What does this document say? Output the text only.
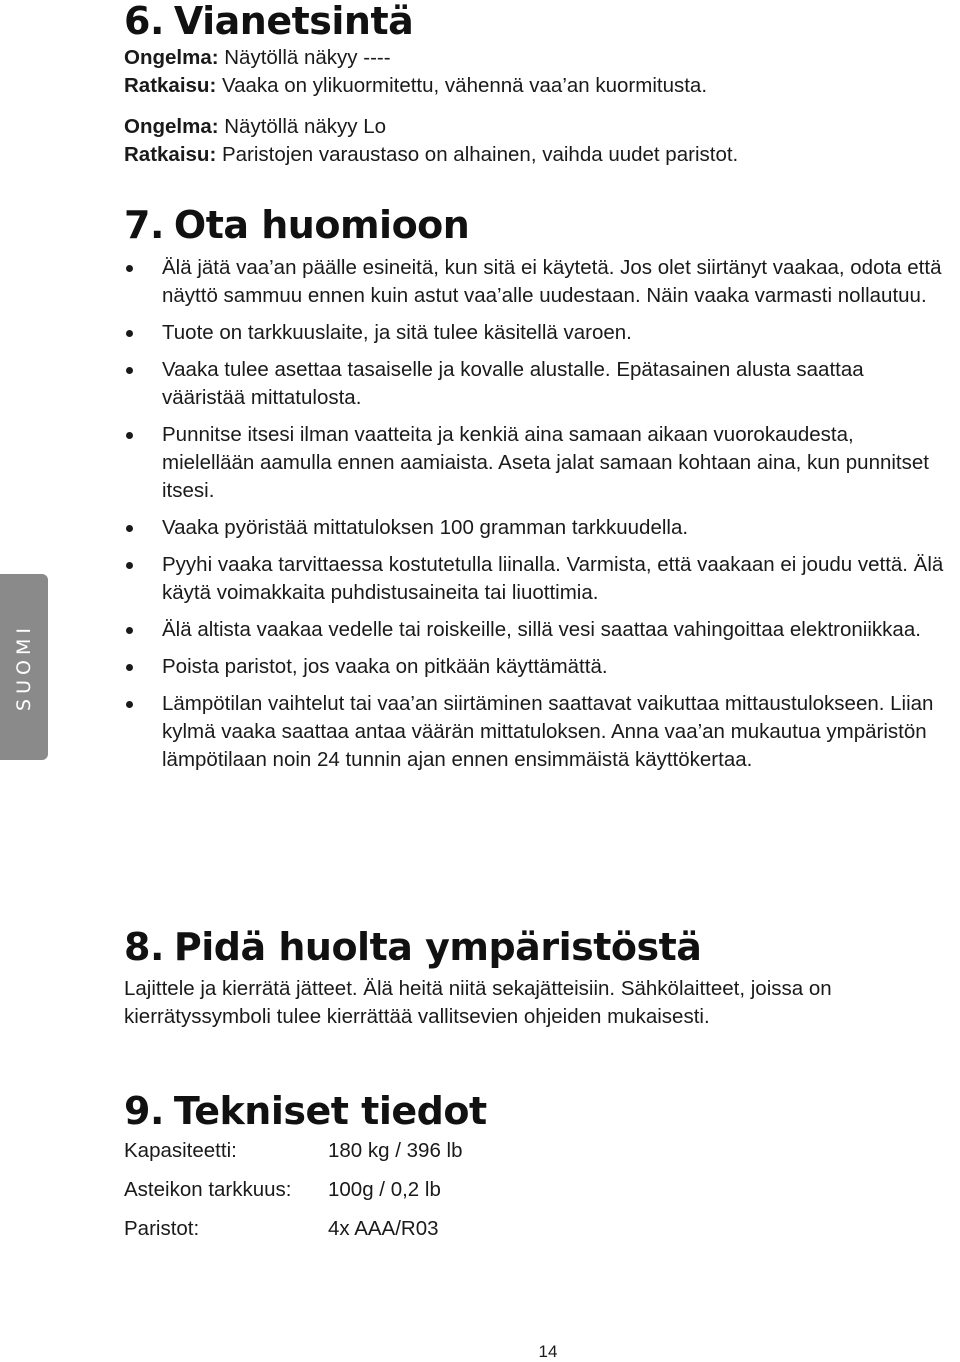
6. Vianetsintä

Ongelma: Näytöllä näkyy ----
Ratkaisu: Vaaka on ylikuormitettu, vähennä vaa’an kuormitusta.

Ongelma: Näytöllä näkyy Lo
Ratkaisu: Paristojen varaustaso on alhainen, vaihda uudet paristot.

7. Ota huomioon
Älä jätä vaa’an päälle esineitä, kun sitä ei käytetä. Jos olet siirtänyt vaakaa, odota että näyttö sammuu ennen kuin astut vaa’alle uudestaan. Näin vaaka varmasti nollautuu.
Tuote on tarkkuuslaite, ja sitä tulee käsitellä varoen.
Vaaka tulee asettaa tasaiselle ja kovalle alustalle. Epätasainen alusta saattaa vääristää mittatulosta.
Punnitse itsesi ilman vaatteita ja kenkiä aina samaan aikaan vuorokaudesta, mielellään aamulla ennen aamiaista. Aseta jalat samaan kohtaan aina, kun punnitset itsesi.
Vaaka pyöristää mittatuloksen 100 gramman tarkkuudella.
Pyyhi vaaka tarvittaessa kostutetulla liinalla. Varmista, että vaakaan ei joudu vettä. Älä käytä voimakkaita puhdistusaineita tai liuottimia.
Älä altista vaakaa vedelle tai roiskeille, sillä vesi saattaa vahingoittaa elektroniikkaa.
Poista paristot, jos vaaka on pitkään käyttämättä.
Lämpötilan vaihtelut tai vaa’an siirtäminen saattavat vaikuttaa mittaustulokseen. Liian kylmä vaaka saattaa antaa väärän mittatuloksen. Anna vaa’an mukautua ympäristön lämpötilaan noin 24 tunnin ajan ennen ensimmäistä käyttökertaa.
8. Pidä huolta ympäristöstä

Lajittele ja kierrätä jätteet. Älä heitä niitä sekajätteisiin. Sähkölaitteet, joissa on kierrätyssymboli tulee kierrättää vallitsevien ohjeiden mukaisesti.

9. Tekniset tiedot
Kapasiteetti:	180 kg / 396 lb
Asteikon tarkkuus: 100g / 0,2 lb
Paristot:	4x AAA/R03
SUOMI
14
